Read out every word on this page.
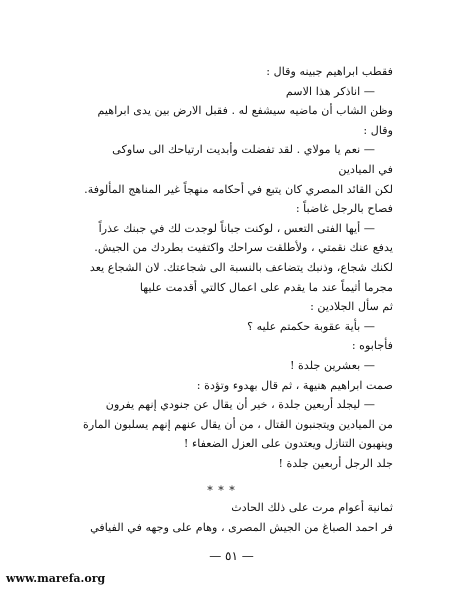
فقطب ابراهيم جبينه وقال :
— اناذكر هذا الاسم
وظن الشاب أن ماضيه سيشفع له . فقبل الارض بين يدى ابراهيم
وقال :
— نعم يا مولاي . لقد تفضلت وأبديت ارتياحك الى ساوكى
في الميادين
لكن القائد المصري كان يتبع في أحكامه منهجاً غير المناهج المألوفة.
فصاح بالرجل غاضباً :
— أيها الفتى التعس ، لوكنت جباناً لوجدت لك في جبنك عذراً
يدفع عنك نقمتي ، ولأطلقت سراحك واكتفيت بطردك من الجيش.
لكنك شجاع، وذنبك يتضاعف بالنسبة الى شجاعتك. لان الشجاع يعد
مجرما أثيماً عند ما يقدم على اعمال كالتي أقدمت عليها
ثم سأل الجلادين :
— بأية عقوبة حكمتم عليه ؟
فأجابوه :
— بعشرين جلدة !
صمت ابراهيم هنيهة ، ثم قال بهدوء وتؤدة :
— ليجلد أربعين جلدة ، خير أن يقال عن جنودي إنهم يفرون
من الميادين ويتجنبون القتال ، من أن يقال عنهم إنهم يسلبون المارة
وينهبون التنازل ويعتدون على العزل الضعفاء !
جلد الرجل أربعين جلدة !
* * *
ثمانية أعوام مرت على ذلك الحادث
فر احمد الصباغ من الجيش المصرى ، وهام على وجهه في الفيافي
— ٥١ —
www.marefa.org
